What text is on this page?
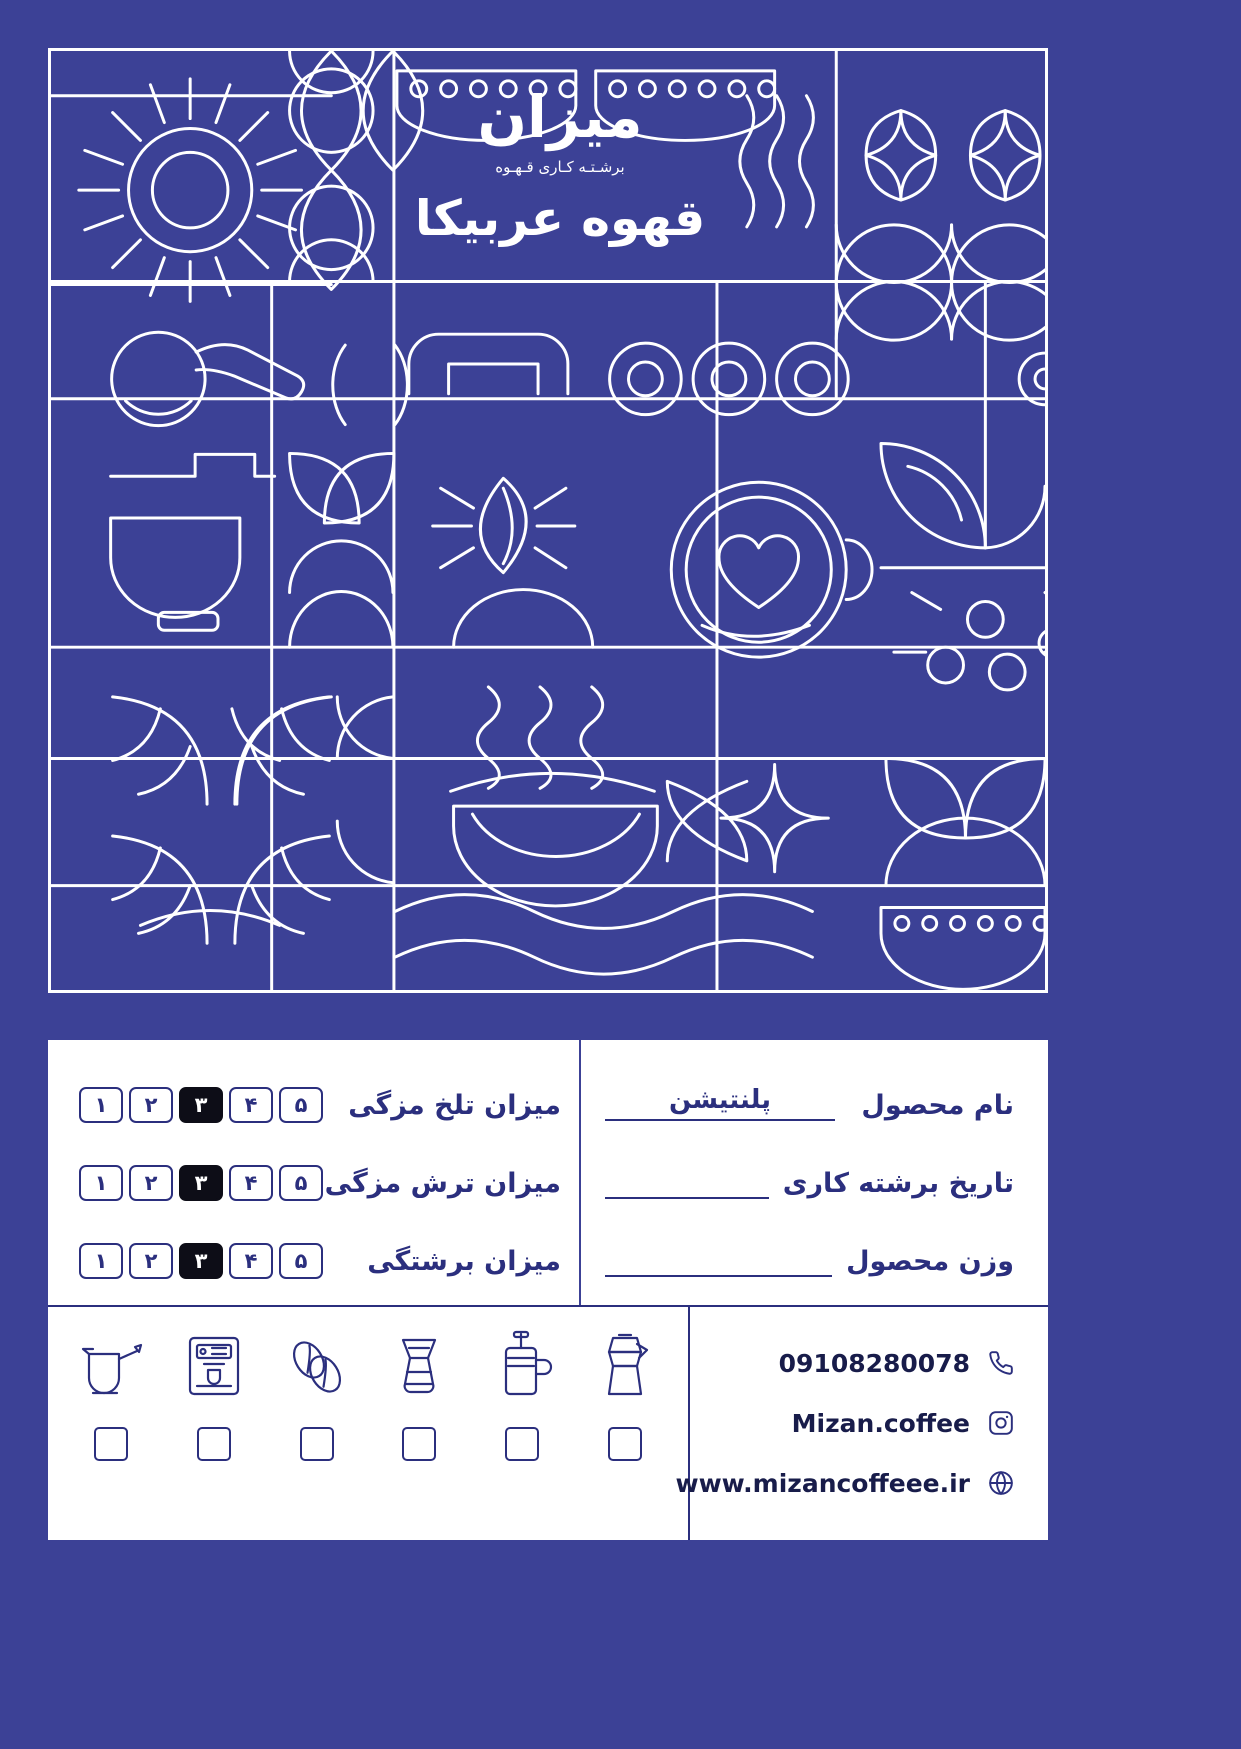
میزان
برشـتـه کـاری قـهـوه
قهوه عربیکا
نام محصول
پلنتیشن
تاریخ برشته کاری
وزن محصول
میزان تلخ مزگی
۱	۲	۳	۴	۵
میزان ترش مزگی
۱	۲	۳	۴	۵
میزان برشتگی
۱	۲	۳	۴	۵
09108280078
Mizan.coffee
www.mizancoffeee.ir
